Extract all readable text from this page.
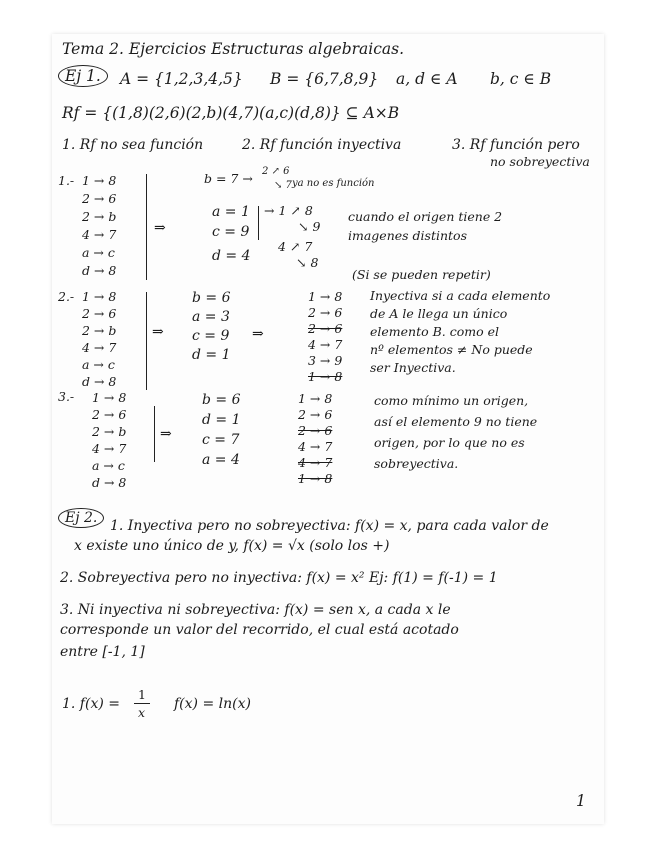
Tema 2. Ejercicios Estructuras algebraicas.
Ej 1.	A = {1,2,3,4,5} B = {6,7,8,9} a, d ∈ A b, c ∈ B
Rf = {(1,8)(2,6)(2,b)(4,7)(a,c)(d,8)} ⊆ A×B
1. Rf no sea función	2. Rf función inyectiva	3. Rf función pero
no sobreyectiva
1.- 1 → 8
2 → 6
2 → b
4 → 7
a → c
d → 8
⇒
b = 7 → 2 ↗ 6
↘ 7 ya no es función
a = 1
c = 9
→ 1 ↗ 8
↘ 9
cuando el origen tiene 2
imagenes distintos
d = 4
4 ↗ 7
↘ 8
(Si se pueden repetir)
2.- 1 → 8
2 → 6
2 → b
4 → 7
a → c
d → 8
⇒
b = 6
a = 3
c = 9
d = 1
⇒
1 → 8
2 → 6
2 → 6
4 → 7
3 → 9
1 → 8
Inyectiva si a cada elemento
de A le llega un único
elemento B. como el
nº elementos ≠ No puede
ser Inyectiva.
3.- 1 → 8
2 → 6
2 → b
4 → 7
a → c
d → 8
⇒
b = 6
d = 1
c = 7
a = 4
1 → 8
2 → 6
2 → 6
4 → 7
4 → 7
1 → 8
como mínimo un origen,
así el elemento 9 no tiene
origen, por lo que no es
sobreyectiva.
Ej 2. 1. Inyectiva pero no sobreyectiva: f(x) = x, para cada valor de
x existe uno único de y, f(x) = √x (solo los +)
2. Sobreyectiva pero no inyectiva: f(x) = x² Ej: f(1) = f(-1) = 1
3. Ni inyectiva ni sobreyectiva: f(x) = sen x, a cada x le
corresponde un valor del recorrido, el cual está acotado
entre [-1, 1]
1. f(x) =
1
x
f(x) = ln(x)
1
